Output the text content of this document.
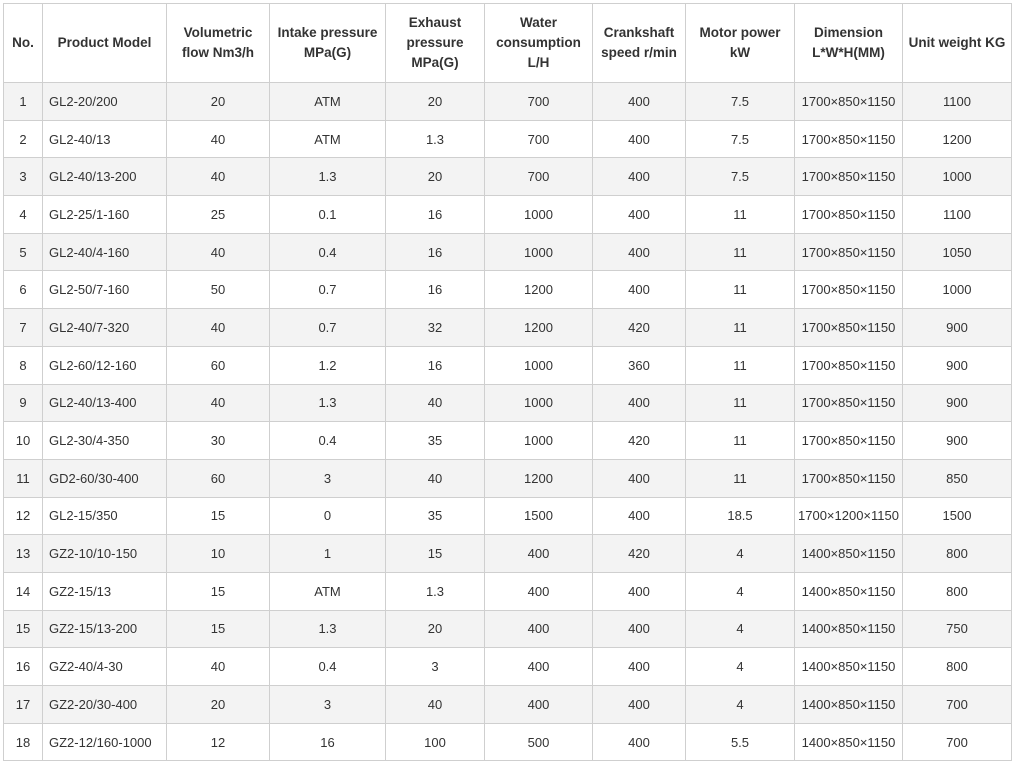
No.	Product Model	Volumetric flow Nm3/h	Intake pressure MPa(G)	Exhaust pressure MPa(G)	Water consumption L/H	Crankshaft speed r/min	Motor power kW	Dimension L*W*H(MM)	Unit weight KG
1	GL2-20/200	20	ATM	20	700	400	7.5	1700×850×1150	1100
2	GL2-40/13	40	ATM	1.3	700	400	7.5	1700×850×1150	1200
3	GL2-40/13-200	40	1.3	20	700	400	7.5	1700×850×1150	1000
4	GL2-25/1-160	25	0.1	16	1000	400	11	1700×850×1150	1100
5	GL2-40/4-160	40	0.4	16	1000	400	11	1700×850×1150	1050
6	GL2-50/7-160	50	0.7	16	1200	400	11	1700×850×1150	1000
7	GL2-40/7-320	40	0.7	32	1200	420	11	1700×850×1150	900
8	GL2-60/12-160	60	1.2	16	1000	360	11	1700×850×1150	900
9	GL2-40/13-400	40	1.3	40	1000	400	11	1700×850×1150	900
10	GL2-30/4-350	30	0.4	35	1000	420	11	1700×850×1150	900
11	GD2-60/30-400	60	3	40	1200	400	11	1700×850×1150	850
12	GL2-15/350	15	0	35	1500	400	18.5	1700×1200×1150	1500
13	GZ2-10/10-150	10	1	15	400	420	4	1400×850×1150	800
14	GZ2-15/13	15	ATM	1.3	400	400	4	1400×850×1150	800
15	GZ2-15/13-200	15	1.3	20	400	400	4	1400×850×1150	750
16	GZ2-40/4-30	40	0.4	3	400	400	4	1400×850×1150	800
17	GZ2-20/30-400	20	3	40	400	400	4	1400×850×1150	700
18	GZ2-12/160-1000	12	16	100	500	400	5.5	1400×850×1150	700
